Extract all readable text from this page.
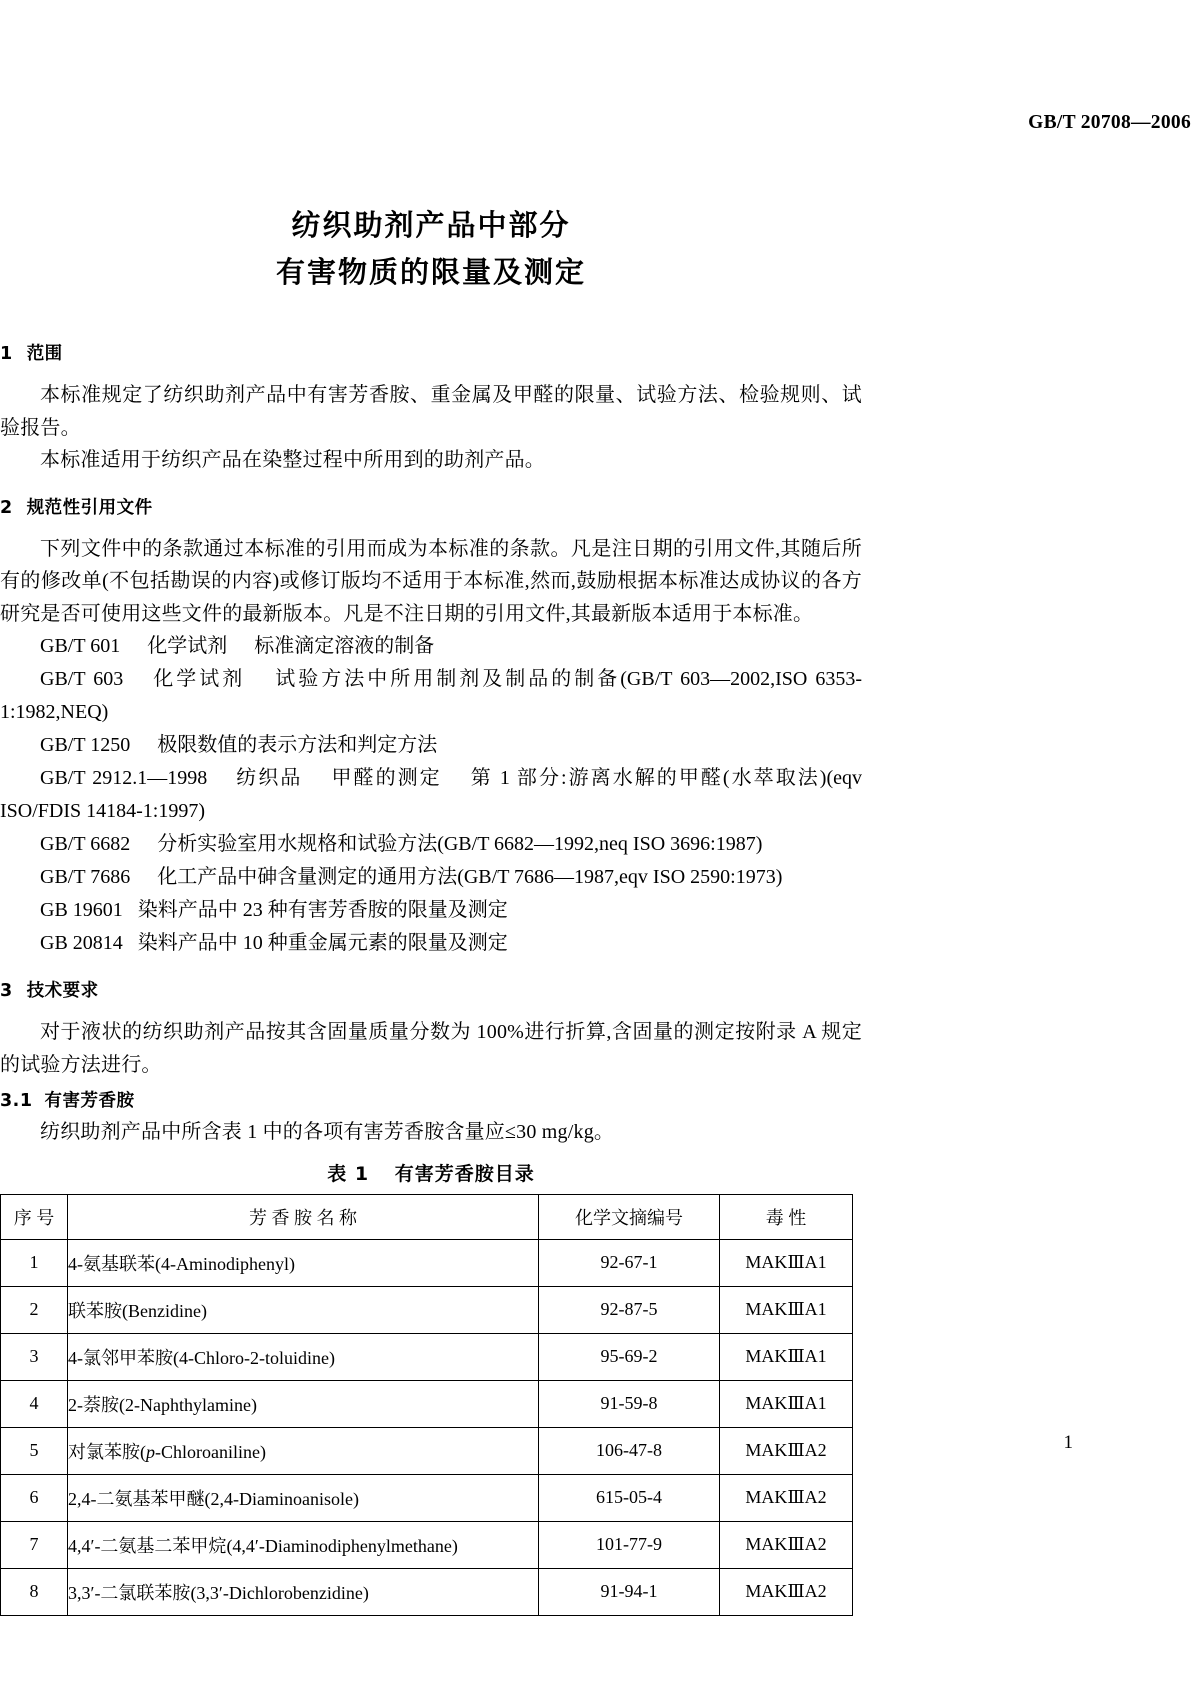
GB/T 20708—2006
纺织助剂产品中部分
有害物质的限量及测定
1 范围

本标准规定了纺织助剂产品中有害芳香胺、重金属及甲醛的限量、试验方法、检验规则、试验报告。

本标准适用于纺织产品在染整过程中所用到的助剂产品。

2 规范性引用文件

下列文件中的条款通过本标准的引用而成为本标准的条款。凡是注日期的引用文件,其随后所有的修改单(不包括勘误的内容)或修订版均不适用于本标准,然而,鼓励根据本标准达成协议的各方研究是否可使用这些文件的最新版本。凡是不注日期的引用文件,其最新版本适用于本标准。

GB/T 601 化学试剂 标准滴定溶液的制备

GB/T 603 化学试剂 试验方法中所用制剂及制品的制备(GB/T 603—2002,ISO 6353-1:1982,NEQ)

GB/T 1250 极限数值的表示方法和判定方法

GB/T 2912.1—1998 纺织品 甲醛的测定 第 1 部分:游离水解的甲醛(水萃取法)(eqv ISO/FDIS 14184-1:1997)

GB/T 6682 分析实验室用水规格和试验方法(GB/T 6682—1992,neq ISO 3696:1987)

GB/T 7686 化工产品中砷含量测定的通用方法(GB/T 7686—1987,eqv ISO 2590:1973)

GB 19601 染料产品中 23 种有害芳香胺的限量及测定

GB 20814 染料产品中 10 种重金属元素的限量及测定

3 技术要求

对于液状的纺织助剂产品按其含固量质量分数为 100%进行折算,含固量的测定按附录 A 规定的试验方法进行。

3.1 有害芳香胺

纺织助剂产品中所含表 1 中的各项有害芳香胺含量应≤30 mg/kg。

表 1 有害芳香胺目录
序 号	芳 香 胺 名 称	化学文摘编号	毒 性
1	4-氨基联苯(4-Aminodiphenyl)	92-67-1	MAKⅢA1
2	联苯胺(Benzidine)	92-87-5	MAKⅢA1
3	4-氯邻甲苯胺(4-Chloro-2-toluidine)	95-69-2	MAKⅢA1
4	2-萘胺(2-Naphthylamine)	91-59-8	MAKⅢA1
5	对氯苯胺(p-Chloroaniline)	106-47-8	MAKⅢA2
6	2,4-二氨基苯甲醚(2,4-Diaminoanisole)	615-05-4	MAKⅢA2
7	4,4′-二氨基二苯甲烷(4,4′-Diaminodiphenylmethane)	101-77-9	MAKⅢA2
8	3,3′-二氯联苯胺(3,3′-Dichlorobenzidine)	91-94-1	MAKⅢA2
1
